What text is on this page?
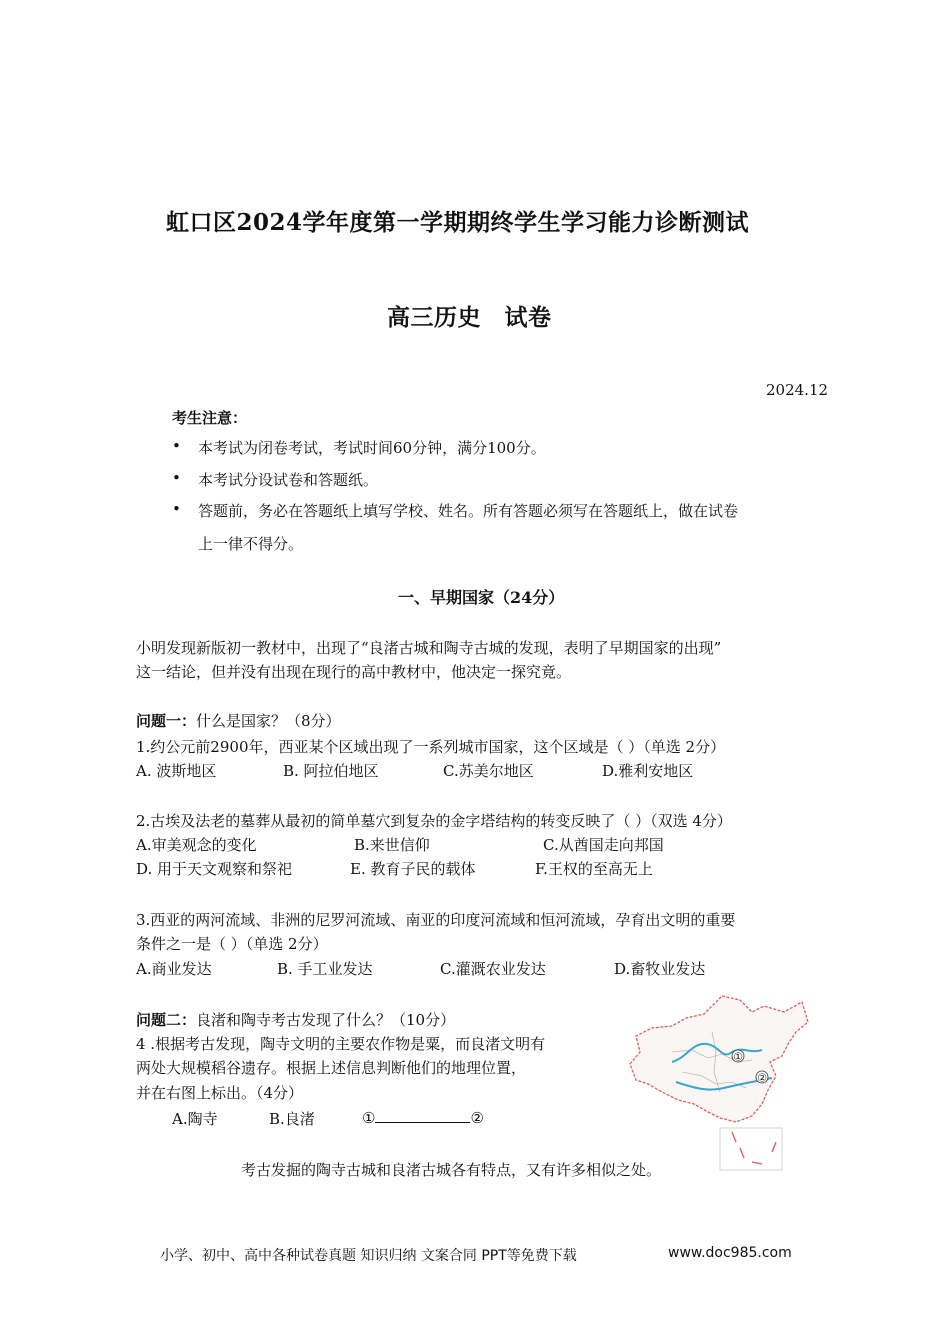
虹口区2024学年度第一学期期终学生学习能力诊断测试
高三历史　试卷
2024.12
考生注意：
• 本考试为闭卷考试，考试时间60分钟，满分100分。
• 本考试分设试卷和答题纸。
• 答题前，务必在答题纸上填写学校、姓名。所有答题必须写在答题纸上，做在试卷
上一律不得分。
一、早期国家（24分）
小明发现新版初一教材中，出现了“良渚古城和陶寺古城的发现，表明了早期国家的出现”
这一结论，但并没有出现在现行的高中教材中，他决定一探究竟。
问题一：什么是国家？（8分）
1.约公元前2900年，西亚某个区域出现了一系列城市国家，这个区域是（ ）（单选 2分）
A. 波斯地区	B. 阿拉伯地区	C.苏美尔地区	D.雅利安地区
2.古埃及法老的墓葬从最初的简单墓穴到复杂的金字塔结构的转变反映了（ ）（双选 4分）
A.审美观念的变化	B.来世信仰	C.从酋国走向邦国
D. 用于天文观察和祭祀	E. 教育子民的载体	F.王权的至高无上
3.西亚的两河流域、非洲的尼罗河流域、南亚的印度河流域和恒河流域，孕育出文明的重要
条件之一是（ ）（单选 2分）
A.商业发达	B. 手工业发达	C.灌溉农业发达	D.畜牧业发达
问题二：良渚和陶寺考古发现了什么？（10分）
4 .根据考古发现，陶寺文明的主要农作物是粟，而良渚文明有
两处大规模稻谷遗存。根据上述信息判断他们的地理位置，
并在右图上标出。（4分）
A.陶寺	B.良渚	①	②
①
②
考古发掘的陶寺古城和良渚古城各有特点，又有许多相似之处。
小学、初中、高中各种试卷真题 知识归纳 文案合同 PPT等免费下载	www.doc985.com
